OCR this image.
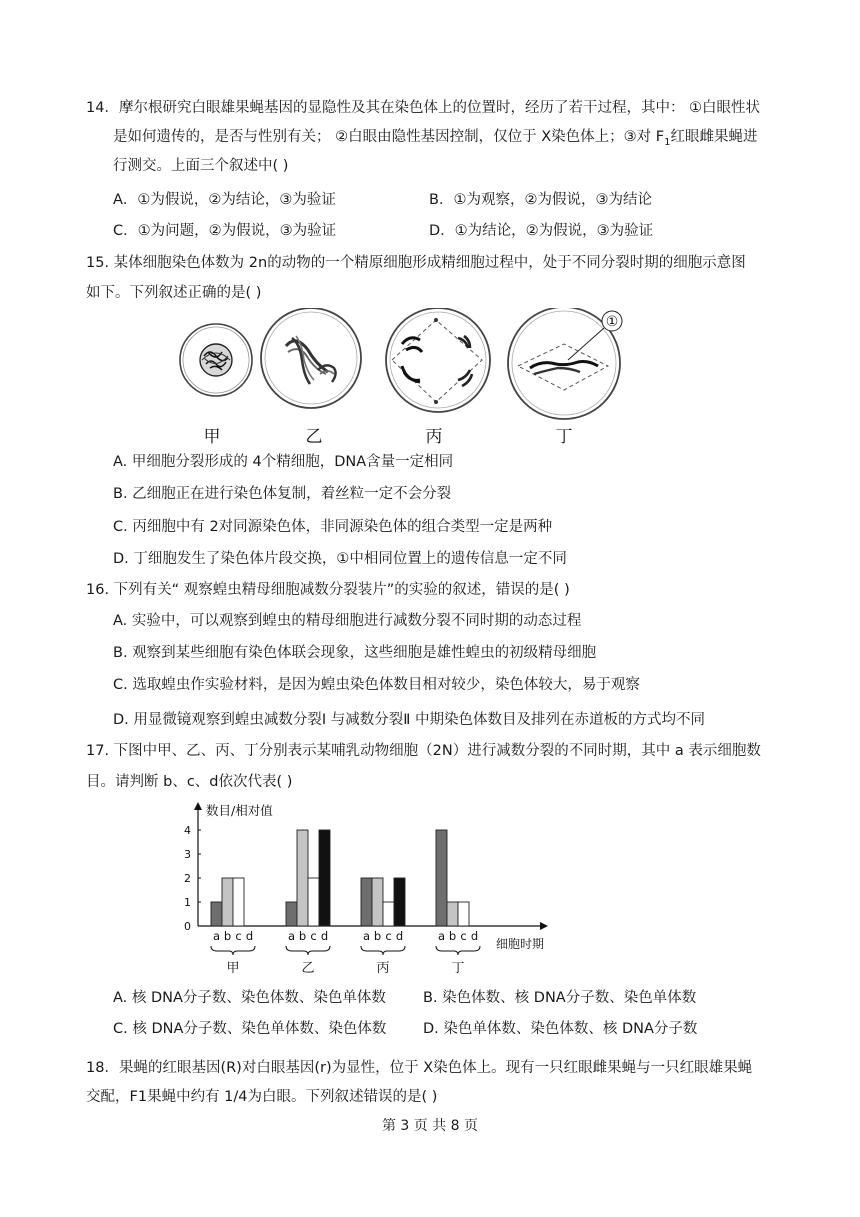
14．摩尔根研究白眼雄果蝇基因的显隐性及其在染色体上的位置时，经历了若干过程，其中： ①白眼性状
是如何遗传的，是否与性别有关； ②白眼由隐性基因控制，仅位于 X染色体上；③对 $F_1$红眼雌果蝇进
行测交。上面三个叙述中( )
A．①为假说，②为结论，③为验证	B．①为观察，②为假说，③为结论
C．①为问题，②为假说，③为验证	D．①为结论，②为假说，③为验证
15. 某体细胞染色体数为 2n的动物的一个精原细胞形成精细胞过程中，处于不同分裂时期的细胞示意图
如下。下列叙述正确的是( )
①
甲	乙	丙	丁
A. 甲细胞分裂形成的 4个精细胞，DNA含量一定相同
B. 乙细胞正在进行染色体复制，着丝粒一定不会分裂
C. 丙细胞中有 2对同源染色体，非同源染色体的组合类型一定是两种
D. 丁细胞发生了染色体片段交换，①中相同位置上的遗传信息一定不同
16. 下列有关“ 观察蝗虫精母细胞减数分裂装片”的实验的叙述，错误的是( )
A. 实验中，可以观察到蝗虫的精母细胞进行减数分裂不同时期的动态过程
B. 观察到某些细胞有染色体联会现象，这些细胞是雄性蝗虫的初级精母细胞
C. 选取蝗虫作实验材料，是因为蝗虫染色体数目相对较少，染色体较大，易于观察
D. 用显微镜观察到蝗虫减数分裂Ⅰ 与减数分裂Ⅱ 中期染色体数目及排列在赤道板的方式均不同
17. 下图中甲、乙、丙、丁分别表示某哺乳动物细胞（2N）进行减数分裂的不同时期，其中 a 表示细胞数
目。请判断 b、c、d依次代表( )
数目/相对值
0
1
2
3
4
a b c d
甲
a b c d
乙
a b c d
丙
a b c d
丁
细胞时期
A. 核 DNA分子数、染色体数、染色单体数	B. 染色体数、核 DNA分子数、染色单体数
C. 核 DNA分子数、染色单体数、染色体数	D. 染色单体数、染色体数、核 DNA分子数
18．果蝇的红眼基因(R)对白眼基因(r)为显性，位于 X染色体上。现有一只红眼雌果蝇与一只红眼雄果蝇
交配，F1果蝇中约有 1/4为白眼。下列叙述错误的是( )
第 3 页 共 8 页
